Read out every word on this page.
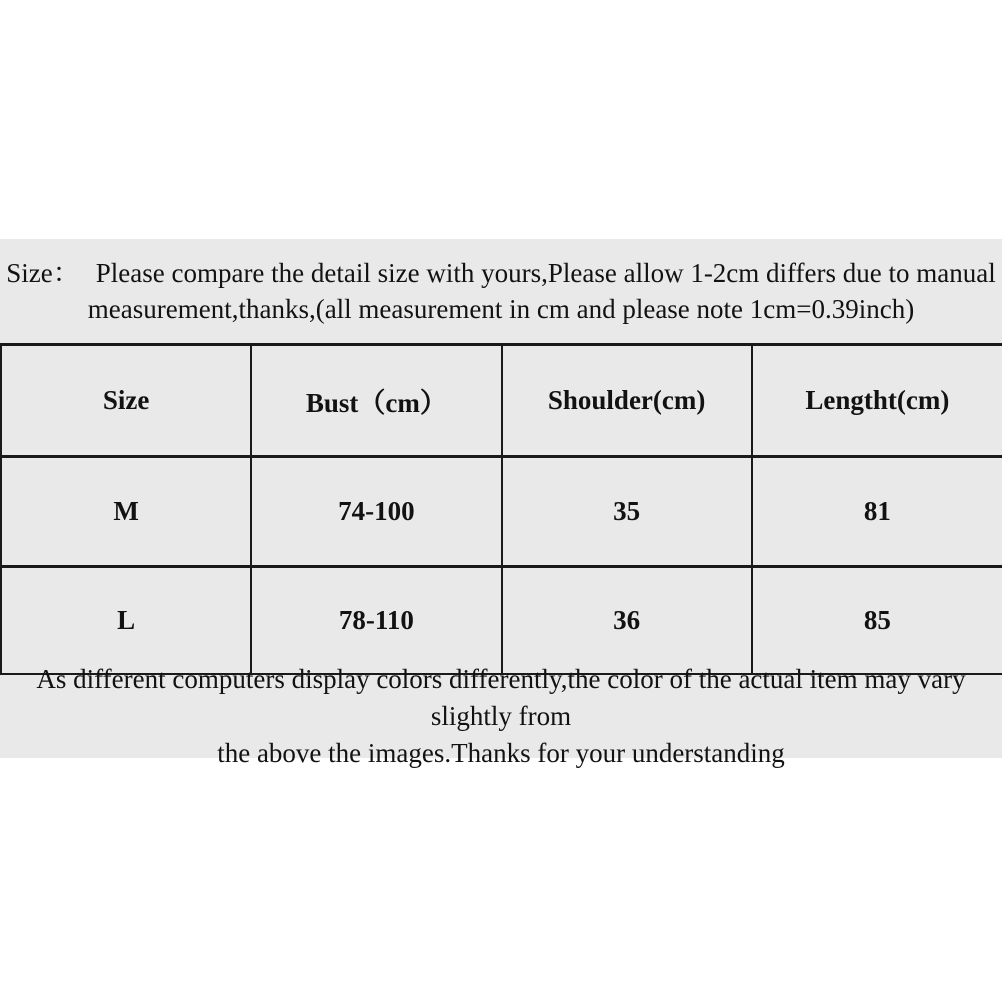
Size： Please compare the detail size with yours,Please allow 1-2cm differs due to manual
measurement,thanks,(all measurement in cm and please note 1cm=0.39inch)
Size	Bust（cm）	Shoulder(cm)	Lengtht(cm)
M	74-100	35	81
L	78-110	36	85
As different computers display colors differently,the color of the actual item may vary slightly from
the above the images.Thanks for your understanding
